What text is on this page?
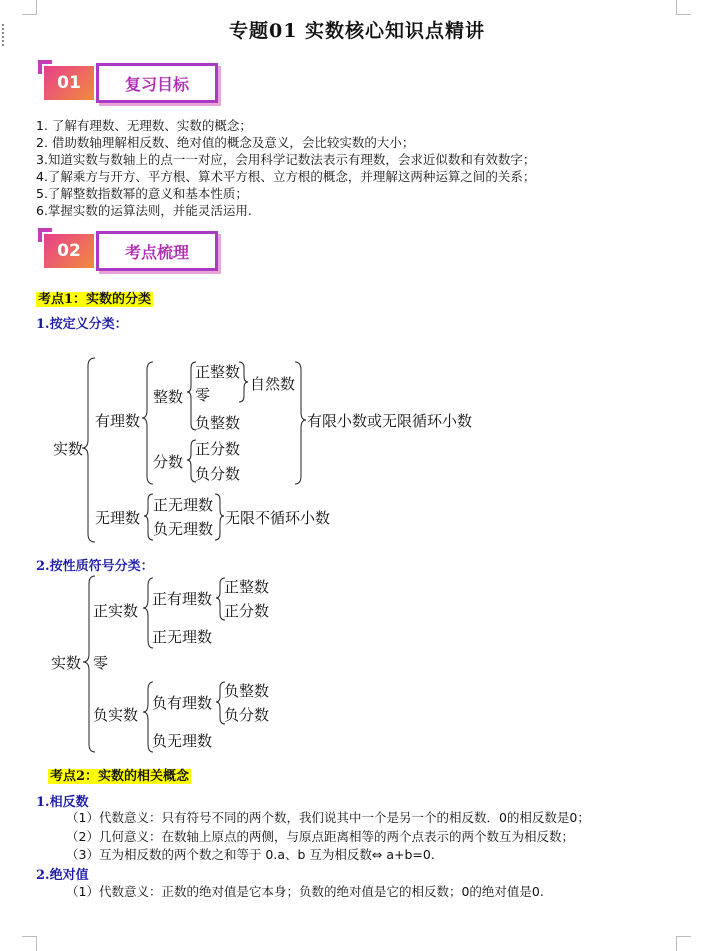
专题01 实数核心知识点精讲
01	复习目标
1. 了解有理数、无理数、实数的概念；
2. 借助数轴理解相反数、绝对值的概念及意义，会比较实数的大小；
3.知道实数与数轴上的点一一对应，会用科学记数法表示有理数，会求近似数和有效数字；
4.了解乘方与开方、平方根、算术平方根、立方根的概念，并理解这两种运算之间的关系；
5.了解整数指数幂的意义和基本性质；
6.掌握实数的运算法则，并能灵活运用.
02	考点梳理
考点1：实数的分类
1.按定义分类：
实数
有理数
整数
正整数
零
自然数
负整数
分数
正分数
负分数
有限小数或无限循环小数
无理数
正无理数
负无理数
无限不循环小数
2.按性质符号分类：
实数
正实数
正有理数
正整数
正分数
正无理数
零
负实数
负有理数
负整数
负分数
负无理数
考点2：实数的相关概念
1.相反数
（1）代数意义：只有符号不同的两个数，我们说其中一个是另一个的相反数．0的相反数是0；
（2）几何意义：在数轴上原点的两侧，与原点距离相等的两个点表示的两个数互为相反数；
（3）互为相反数的两个数之和等于 0.a、b 互为相反数⇔ a+b=0.
2.绝对值
（1）代数意义：正数的绝对值是它本身；负数的绝对值是它的相反数；0的绝对值是0.
